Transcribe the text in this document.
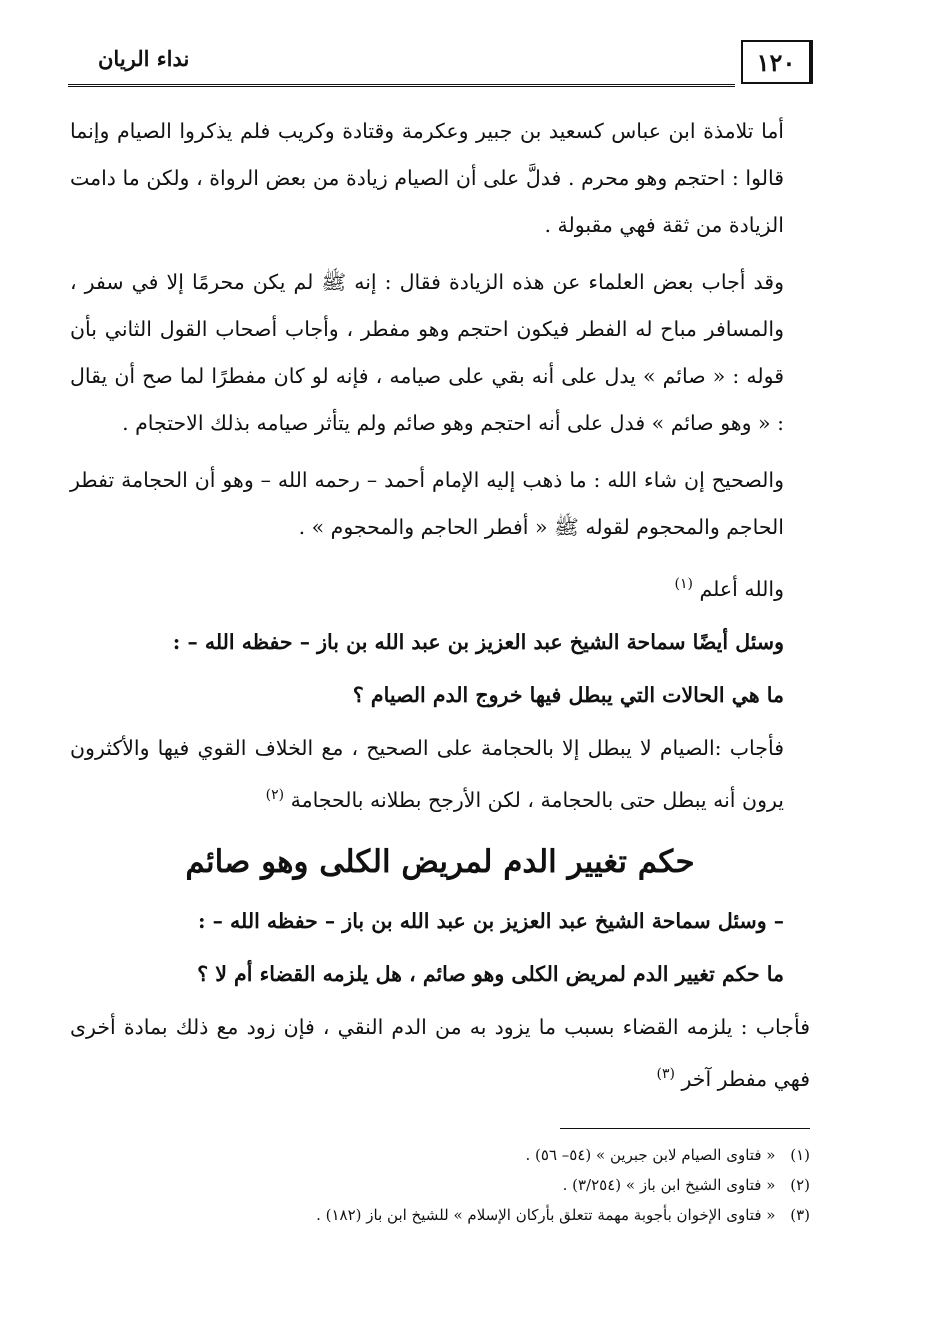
نداء الريان	١٢٠

أما تلامذة ابن عباس كسعيد بن جبير وعكرمة وقتادة وكريب فلم يذكروا الصيام وإنما قالوا : احتجم وهو محرم . فدلَّ على أن الصيام زيادة من بعض الرواة ، ولكن ما دامت الزيادة من ثقة فهي مقبولة .

وقد أجاب بعض العلماء عن هذه الزيادة فقال : إنه ﷺ لم يكن محرمًا إلا في سفر ، والمسافر مباح له الفطر فيكون احتجم وهو مفطر ، وأجاب أصحاب القول الثاني بأن قوله : « صائم » يدل على أنه بقي على صيامه ، فإنه لو كان مفطرًا لما صح أن يقال : « وهو صائم » فدل على أنه احتجم وهو صائم ولم يتأثر صيامه بذلك الاحتجام .

والصحيح إن شاء الله : ما ذهب إليه الإمام أحمد – رحمه الله – وهو أن الحجامة تفطر الحاجم والمحجوم لقوله ﷺ « أفطر الحاجم والمحجوم » .

والله أعلم $^{(١)}$

وسئل أيضًا سماحة الشيخ عبد العزيز بن عبد الله بن باز – حفظه الله – :

ما هي الحالات التي يبطل فيها خروج الدم الصيام ؟

فأجاب :الصيام لا يبطل إلا بالحجامة على الصحيح ، مع الخلاف القوي فيها والأكثرون يرون أنه يبطل حتى بالحجامة ، لكن الأرجح بطلانه بالحجامة $^{(٢)}$

حكم تغيير الدم لمريض الكلى وهو صائم

– وسئل سماحة الشيخ عبد العزيز بن عبد الله بن باز – حفظه الله – :

ما حكم تغيير الدم لمريض الكلى وهو صائم ، هل يلزمه القضاء أم لا ؟

فأجاب : يلزمه القضاء بسبب ما يزود به من الدم النقي ، فإن زود مع ذلك بمادة أخرى فهي مفطر آخر $^{(٣)}$

(١) « فتاوى الصيام لابن جبرين » (٥٤– ٥٦) .
(٢) « فتاوى الشيخ ابن باز » (٣/٢٥٤) .
(٣) « فتاوى الإخوان بأجوبة مهمة تتعلق بأركان الإسلام » للشيخ ابن باز (١٨٢) .
